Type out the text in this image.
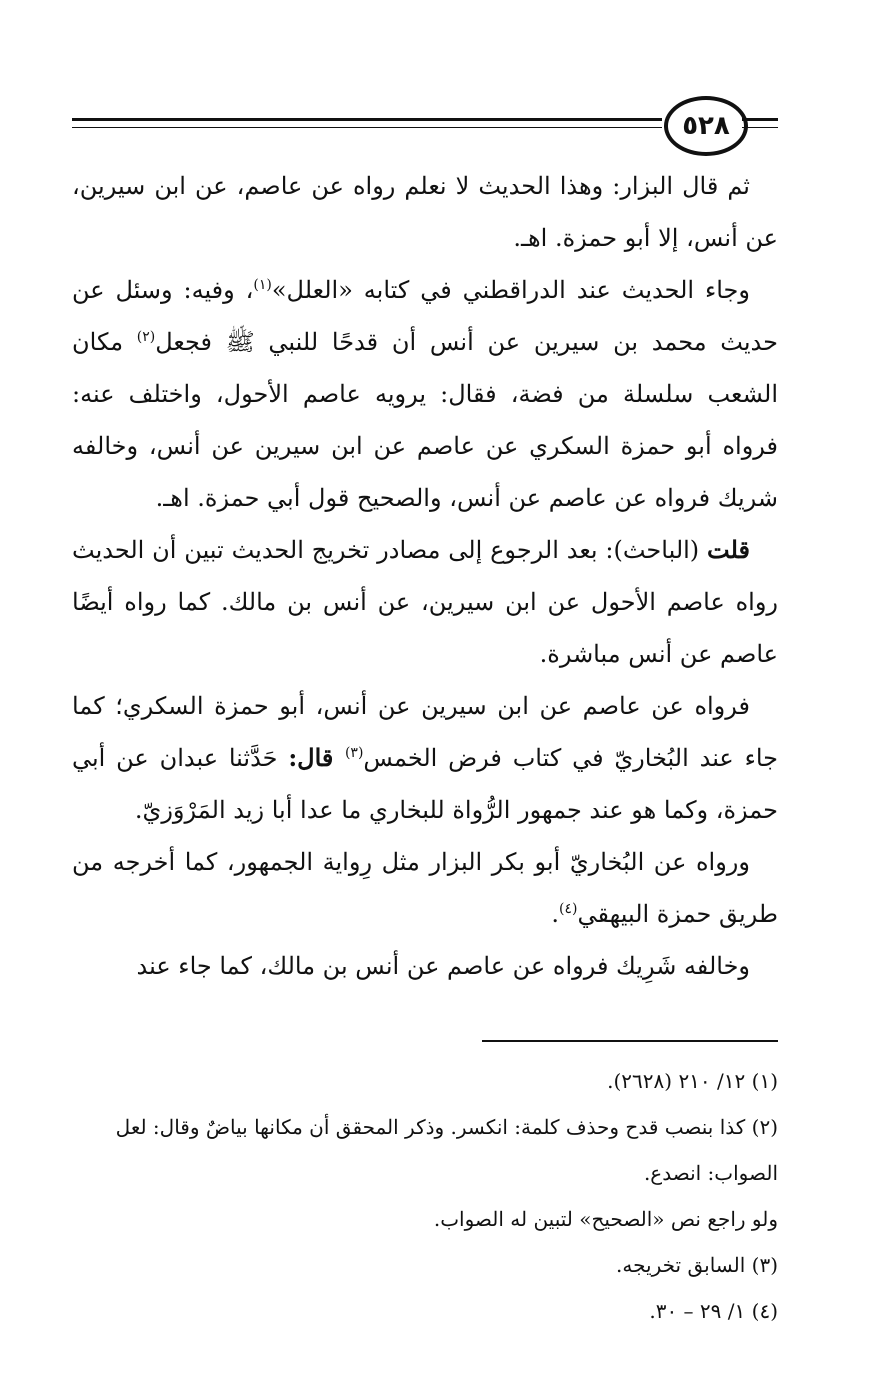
٥٢٨

ثم قال البزار: وهذا الحديث لا نعلم رواه عن عاصم، عن ابن سيرين، عن أنس، إلا أبو حمزة. اهـ.

وجاء الحديث عند الدراقطني في كتابه «العلل»$^{(١)}$، وفيه: وسئل عن حديث محمد بن سيرين عن أنس أن قدحًا للنبي ﷺ فجعل$^{(٢)}$ مكان الشعب سلسلة من فضة، فقال: يرويه عاصم الأحول، واختلف عنه: فرواه أبو حمزة السكري عن عاصم عن ابن سيرين عن أنس، وخالفه شريك فرواه عن عاصم عن أنس، والصحيح قول أبي حمزة. اهـ.

قلت (الباحث): بعد الرجوع إلى مصادر تخريج الحديث تبين أن الحديث رواه عاصم الأحول عن ابن سيرين، عن أنس بن مالك. كما رواه أيضًا عاصم عن أنس مباشرة.

فرواه عن عاصم عن ابن سيرين عن أنس، أبو حمزة السكري؛ كما جاء عند البُخاريّ في كتاب فرض الخمس$^{(٣)}$ قال: حَدَّثنا عبدان عن أبي حمزة، وكما هو عند جمهور الرُّواة للبخاري ما عدا أبا زيد المَرْوَزيّ.

ورواه عن البُخاريّ أبو بكر البزار مثل رِواية الجمهور، كما أخرجه من طريق حمزة البيهقي$^{(٤)}$.

وخالفه شَرِيك فرواه عن عاصم عن أنس بن مالك، كما جاء عند

(١) ١٢/ ٢١٠ (٢٦٢٨).

(٢) كذا بنصب قدح وحذف كلمة: انكسر. وذكر المحقق أن مكانها بياضٌ وقال: لعل الصواب: انصدع.

ولو راجع نص «الصحيح» لتبين له الصواب.

(٣) السابق تخريجه.

(٤) ١/ ٢٩ – ٣٠.
